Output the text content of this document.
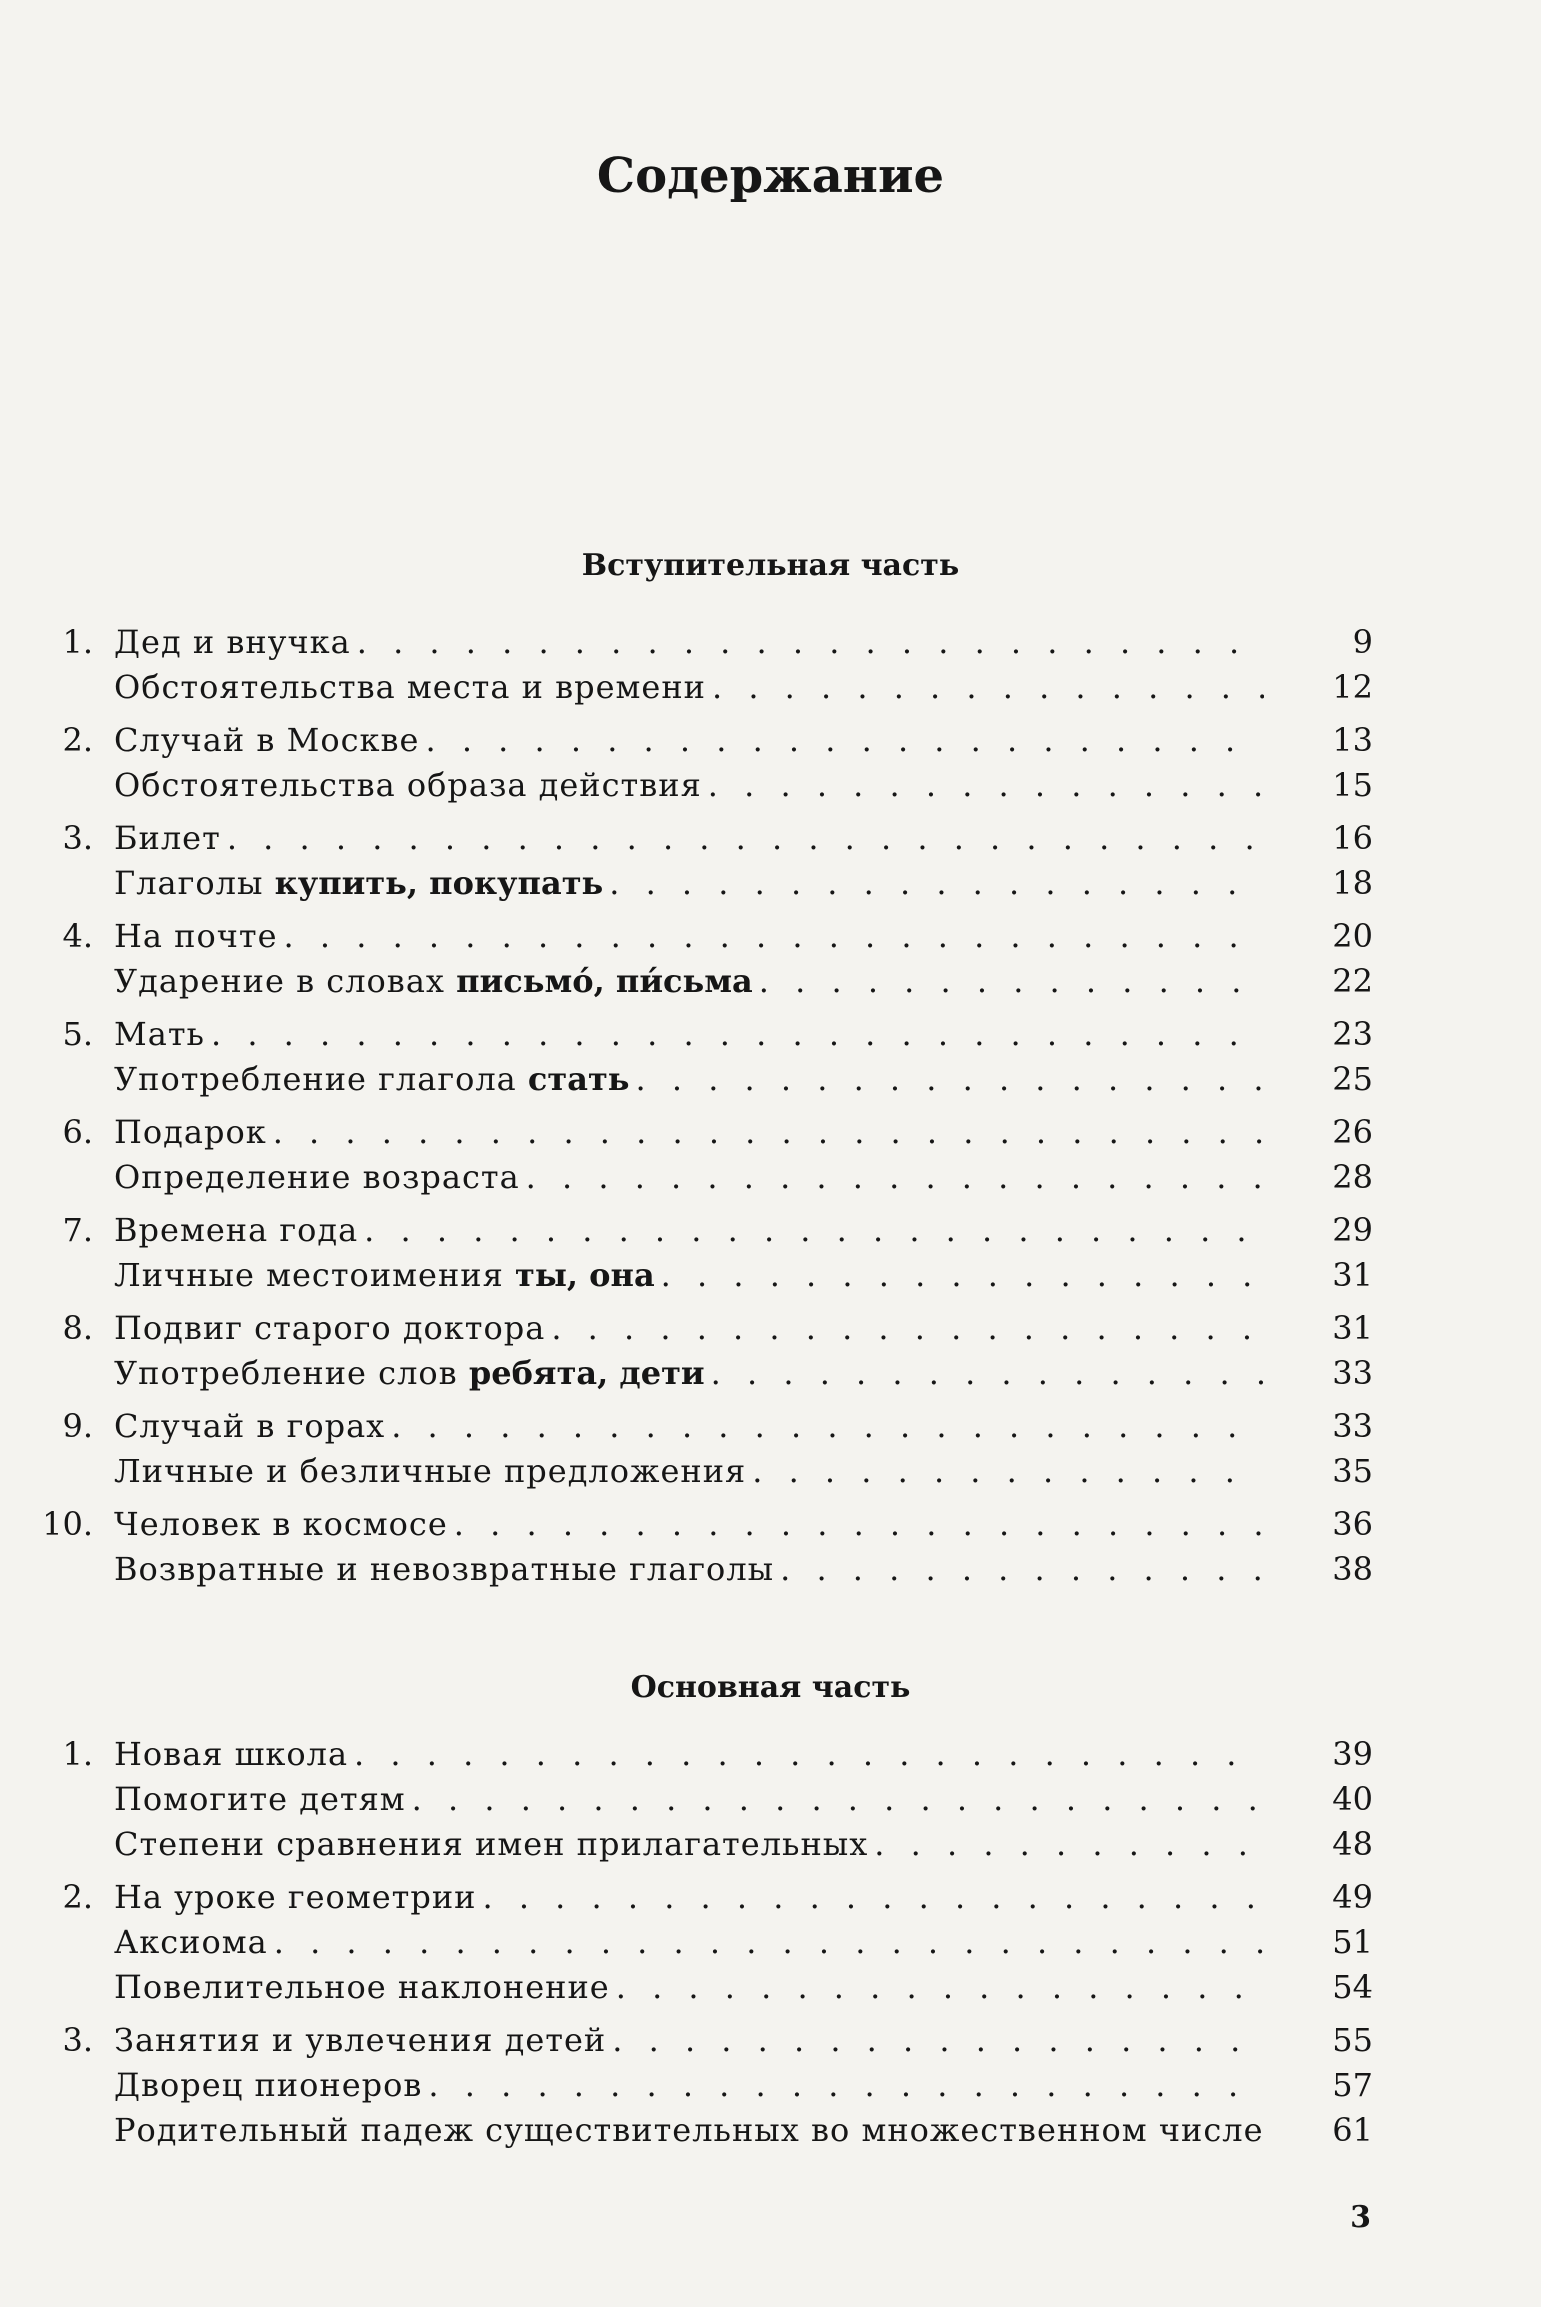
Содержание
Вступительная часть
1. Дед и внучка . . .	9
Обстоятельства места и времени . . .	12
2. Случай в Москве . . .	13
Обстоятельства образа действия . . .	15
3. Билет . . .	16
Глаголы купить, покупать . . .	18
4. На почте . . .	20
Ударение в словах письмо́, пи́сьма . . .	22
5. Мать . . .	23
Употребление глагола стать . . .	25
6. Подарок . . .	26
Определение возраста . . .	28
7. Времена года . . .	29
Личные местоимения ты, она . . .	31
8. Подвиг старого доктора . . .	31
Употребление слов ребята, дети . . .	33
9. Случай в горах . . .	33
Личные и безличные предложения . . .	35
10. Человек в космосе . . .	36
Возвратные и невозвратные глаголы . . .	38
Основная часть
1. Новая школа . . .	39
Помогите детям . . .	40
Степени сравнения имен прилагательных . . .	48
2. На уроке геометрии . . .	49
Аксиома . . .	51
Повелительное наклонение . . .	54
3. Занятия и увлечения детей . . .	55
Дворец пионеров . . .	57
Родительный падеж существительных во множественном числе	61
3
